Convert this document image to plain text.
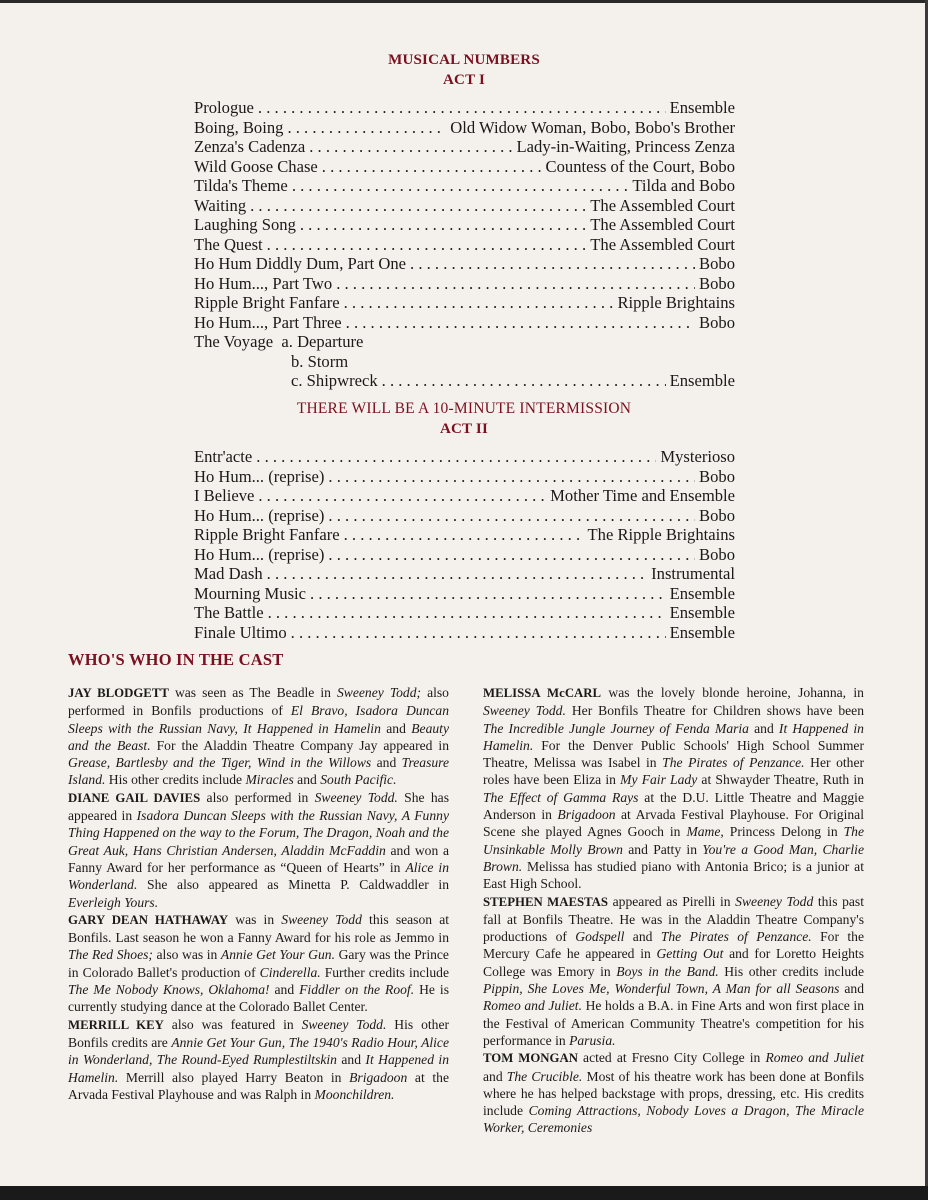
MUSICAL NUMBERS
ACT I
Prologue . . .	Ensemble
Boing, Boing . . .	Old Widow Woman, Bobo, Bobo's Brother
Zenza's Cadenza . . .	Lady-in-Waiting, Princess Zenza
Wild Goose Chase . . .	Countess of the Court, Bobo
Tilda's Theme . . .	Tilda and Bobo
Waiting . . .	The Assembled Court
Laughing Song . . .	The Assembled Court
The Quest . . .	The Assembled Court
Ho Hum Diddly Dum, Part One . . .	Bobo
Ho Hum..., Part Two . . .	Bobo
Ripple Bright Fanfare . . .	Ripple Brightains
Ho Hum..., Part Three . . .	Bobo
The Voyage  a. Departure
b. Storm
c. Shipwreck . . .	Ensemble
THERE WILL BE A 10-MINUTE INTERMISSION
ACT II
Entr'acte . . .	Mysterioso
Ho Hum... (reprise) . . .	Bobo
I Believe . . .	Mother Time and Ensemble
Ho Hum... (reprise) . . .	Bobo
Ripple Bright Fanfare . . .	The Ripple Brightains
Ho Hum... (reprise) . . .	Bobo
Mad Dash . . .	Instrumental
Mourning Music . . .	Ensemble
The Battle . . .	Ensemble
Finale Ultimo . . .	Ensemble
WHO'S WHO IN THE CAST

JAY BLODGETT was seen as The Beadle in Sweeney Todd; also performed in Bonfils productions of El Bravo, Isadora Duncan Sleeps with the Russian Navy, It Happened in Hamelin and Beauty and the Beast. For the Aladdin Theatre Company Jay appeared in Grease, Bartlesby and the Tiger, Wind in the Willows and Treasure Island. His other credits include Miracles and South Pacific.

DIANE GAIL DAVIES also performed in Sweeney Todd. She has appeared in Isadora Duncan Sleeps with the Russian Navy, A Funny Thing Happened on the way to the Forum, The Dragon, Noah and the Great Auk, Hans Christian Andersen, Aladdin McFaddin and won a Fanny Award for her performance as “Queen of Hearts” in Alice in Wonderland. She also appeared as Minetta P. Caldwaddler in Everleigh Yours.

GARY DEAN HATHAWAY was in Sweeney Todd this season at Bonfils. Last season he won a Fanny Award for his role as Jemmo in The Red Shoes; also was in Annie Get Your Gun. Gary was the Prince in Colorado Ballet's production of Cinderella. Further credits include The Me Nobody Knows, Oklahoma! and Fiddler on the Roof. He is currently studying dance at the Colorado Ballet Center.

MERRILL KEY also was featured in Sweeney Todd. His other Bonfils credits are Annie Get Your Gun, The 1940's Radio Hour, Alice in Wonderland, The Round-Eyed Rumplestiltskin and It Happened in Hamelin. Merrill also played Harry Beaton in Brigadoon at the Arvada Festival Playhouse and was Ralph in Moonchildren.

MELISSA McCARL was the lovely blonde heroine, Johanna, in Sweeney Todd. Her Bonfils Theatre for Children shows have been The Incredible Jungle Journey of Fenda Maria and It Happened in Hamelin. For the Denver Public Schools' High School Summer Theatre, Melissa was Isabel in The Pirates of Penzance. Her other roles have been Eliza in My Fair Lady at Shwayder Theatre, Ruth in The Effect of Gamma Rays at the D.U. Little Theatre and Maggie Anderson in Brigadoon at Arvada Festival Playhouse. For Original Scene she played Agnes Gooch in Mame, Princess Delong in The Unsinkable Molly Brown and Patty in You're a Good Man, Charlie Brown. Melissa has studied piano with Antonia Brico; is a junior at East High School.

STEPHEN MAESTAS appeared as Pirelli in Sweeney Todd this past fall at Bonfils Theatre. He was in the Aladdin Theatre Company's productions of Godspell and The Pirates of Penzance. For the Mercury Cafe he appeared in Getting Out and for Loretto Heights College was Emory in Boys in the Band. His other credits include Pippin, She Loves Me, Wonderful Town, A Man for all Seasons and Romeo and Juliet. He holds a B.A. in Fine Arts and won first place in the Festival of American Community Theatre's competition for his performance in Parusia.

TOM MONGAN acted at Fresno City College in Romeo and Juliet and The Crucible. Most of his theatre work has been done at Bonfils where he has helped backstage with props, dressing, etc. His credits include Coming Attractions, Nobody Loves a Dragon, The Miracle Worker, Ceremonies
